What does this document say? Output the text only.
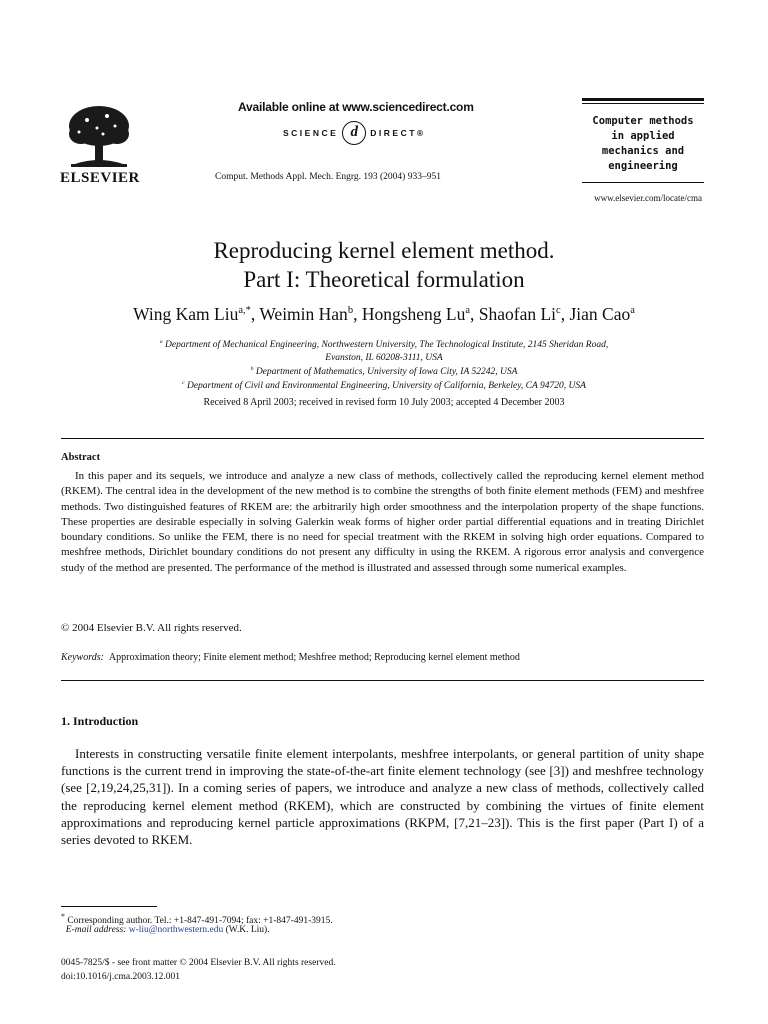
ELSEVIER
Available online at www.sciencedirect.com
SCIENCE d	DIRECT®
Comput. Methods Appl. Mech. Engrg. 193 (2004) 933–951
Computer methods
in applied
mechanics and
engineering
www.elsevier.com/locate/cma
Reproducing kernel element method.
Part I: Theoretical formulation
Wing Kam Liu$^{a,*}$, Weimin Han$^b$, Hongsheng Lu$^a$, Shaofan Li$^c$, Jian Cao$^a$
$^a$ Department of Mechanical Engineering, Northwestern University, The Technological Institute, 2145 Sheridan Road,
Evanston, IL 60208-3111, USA
$^b$ Department of Mathematics, University of Iowa City, IA 52242, USA
$^c$ Department of Civil and Environmental Engineering, University of California, Berkeley, CA 94720, USA
Received 8 April 2003; received in revised form 10 July 2003; accepted 4 December 2003
Abstract

In this paper and its sequels, we introduce and analyze a new class of methods, collectively called the reproducing kernel element method (RKEM). The central idea in the development of the new method is to combine the strengths of both finite element methods (FEM) and meshfree methods. Two distinguished features of RKEM are: the arbitrarily high order smoothness and the interpolation property of the shape functions. These properties are desirable especially in solving Galerkin weak forms of higher order partial differential equations and in treating Dirichlet boundary conditions. So unlike the FEM, there is no need for special treatment with the RKEM in solving high order equations. Compared to meshfree methods, Dirichlet boundary conditions do not present any difficulty in using the RKEM. A rigorous error analysis and convergence study of the method are presented. The performance of the method is illustrated and assessed through some numerical examples.

© 2004 Elsevier B.V. All rights reserved.
Keywords: Approximation theory; Finite element method; Meshfree method; Reproducing kernel element method
1. Introduction

Interests in constructing versatile finite element interpolants, meshfree interpolants, or general partition of unity shape functions is the current trend in improving the state-of-the-art finite element technology (see [3]) and meshfree technology (see [2,19,24,25,31]). In a coming series of papers, we introduce and analyze a new class of methods, collectively called the reproducing kernel element method (RKEM), which are constructed by combining the virtues of finite element approximations and reproducing kernel particle approximations (RKPM, [7,21–23]). This is the first paper (Part I) of a series devoted to RKEM.

* Corresponding author. Tel.: +1-847-491-7094; fax: +1-847-491-3915.
E-mail address: w-liu@northwestern.edu (W.K. Liu).
0045-7825/$ - see front matter © 2004 Elsevier B.V. All rights reserved.
doi:10.1016/j.cma.2003.12.001
